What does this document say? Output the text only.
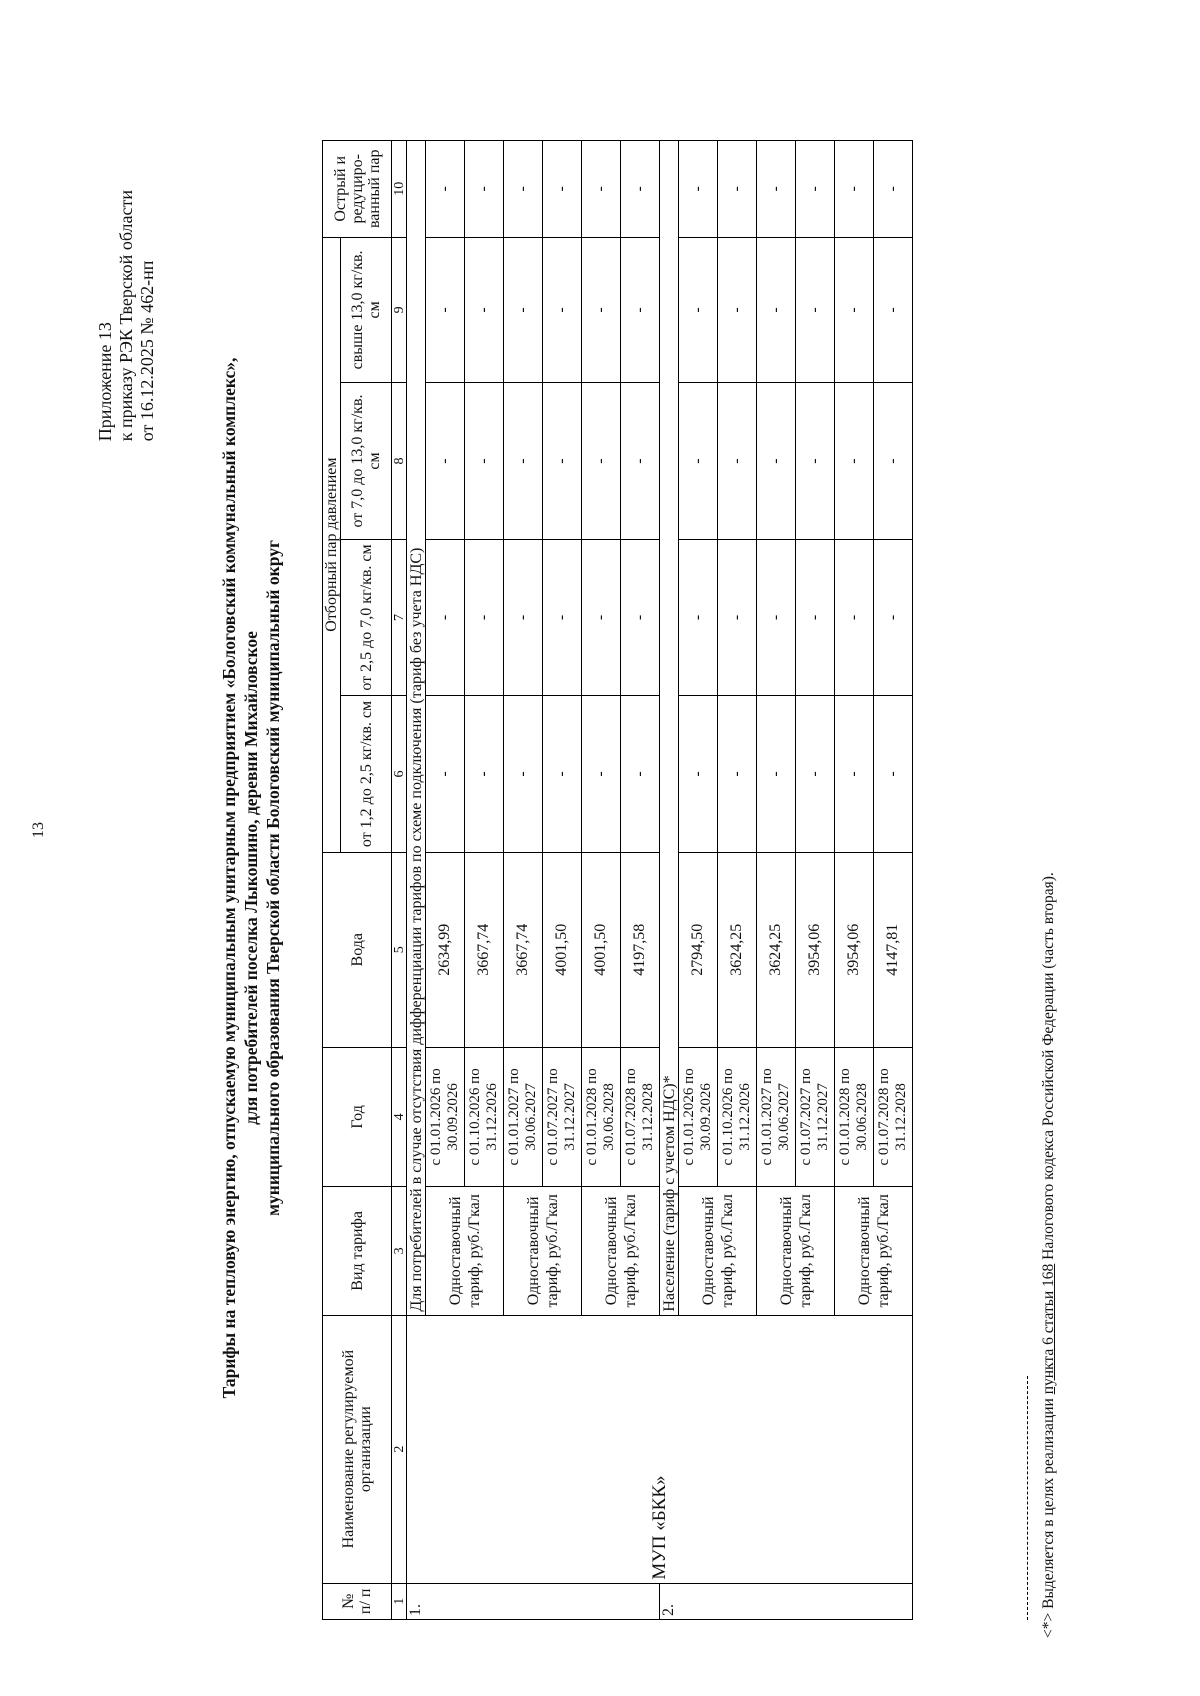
13
Приложение 13 к приказу РЭК Тверской области от 16.12.2025 № 462-нп
Тарифы на тепловую энергию, отпускаемую муниципальным унитарным предприятием «Бологовский коммунальный комплекс», для потребителей поселка Лыкошино, деревни Михайловское муниципального образования Тверской области Бологовский муниципальный округ
№ п/ п	Наименование регулируемой организации	Вид тарифа	Год	Вода	Отборный пар давлением				Острый и редуциро-ванный пар
					от 1,2 до 2,5 кг/кв. см	от 2,5 до 7,0 кг/кв. см	от 7,0 до 13,0 кг/кв. см	свыше 13,0 кг/кв. см	
1	2	3	4	5	6	7	8	9	10
1.	МУП «БКК»	Для потребителей в случае отсутствия дифференциации тарифов по схеме подключения (тариф без учета НДС)							
		Одноставочный тариф, руб./Гкал	с 01.01.2026 по 30.09.2026	2634,99	-	-	-	-	-
			с 01.10.2026 по 31.12.2026	3667,74	-	-	-	-	-
		Одноставочный тариф, руб./Гкал	с 01.01.2027 по 30.06.2027	3667,74	-	-	-	-	-
			с 01.07.2027 по 31.12.2027	4001,50	-	-	-	-	-
		Одноставочный тариф, руб./Гкал	с 01.01.2028 по 30.06.2028	4001,50	-	-	-	-	-
			с 01.07.2028 по 31.12.2028	4197,58	-	-	-	-	-
2.		Население (тариф с учетом НДС)*							
		Одноставочный тариф, руб./Гкал	с 01.01.2026 по 30.09.2026	2794,50	-	-	-	-	-
			с 01.10.2026 по 31.12.2026	3624,25	-	-	-	-	-
		Одноставочный тариф, руб./Гкал	с 01.01.2027 по 30.06.2027	3624,25	-	-	-	-	-
			с 01.07.2027 по 31.12.2027	3954,06	-	-	-	-	-
		Одноставочный тариф, руб./Гкал	с 01.01.2028 по 30.06.2028	3954,06	-	-	-	-	-
			с 01.07.2028 по 31.12.2028	4147,81	-	-	-	-	-
<*> Выделяется в целях реализации пункта 6 статьи 168 Налогового кодекса Российской Федерации (часть вторая).
